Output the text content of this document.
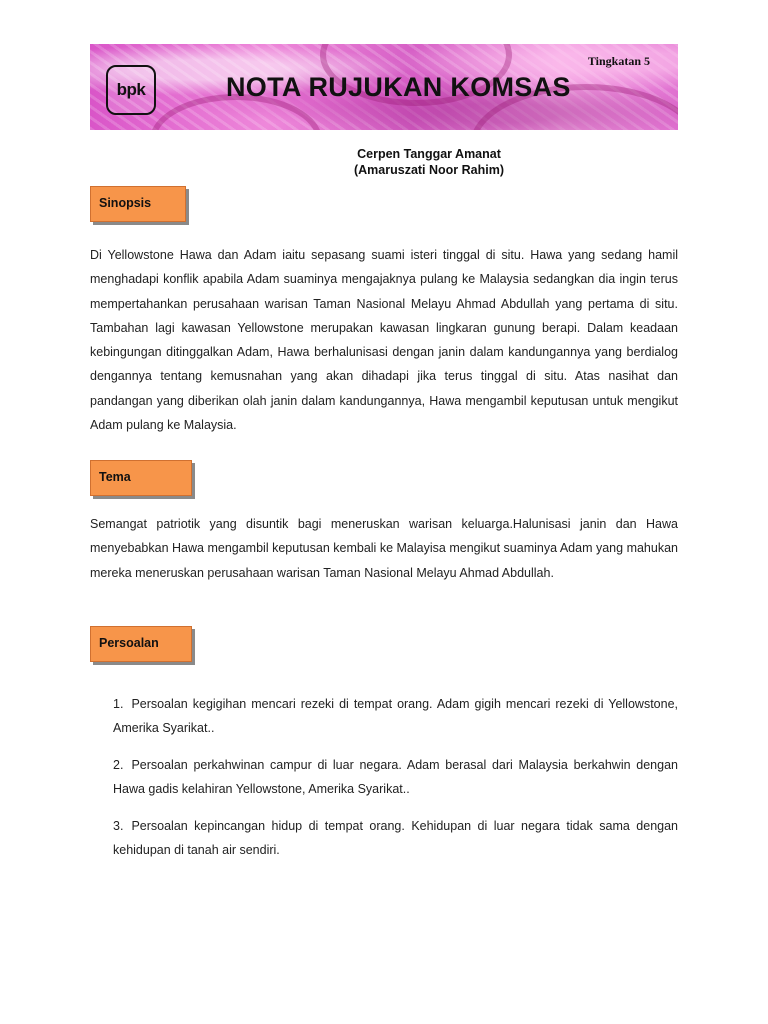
bpk	NOTA RUJUKAN KOMSAS
Tingkatan 5
Cerpen Tanggar Amanat
(Amaruszati Noor Rahim)
Sinopsis
Di Yellowstone Hawa dan Adam iaitu sepasang suami isteri tinggal di situ. Hawa yang sedang hamil menghadapi konflik apabila Adam suaminya mengajaknya pulang ke Malaysia sedangkan dia ingin terus mempertahankan perusahaan warisan Taman Nasional Melayu Ahmad Abdullah yang pertama di situ. Tambahan lagi kawasan Yellowstone merupakan kawasan lingkaran gunung berapi. Dalam keadaan kebingungan ditinggalkan Adam, Hawa berhalunisasi dengan janin dalam kandungannya yang berdialog dengannya tentang kemusnahan yang akan dihadapi jika terus tinggal di situ. Atas nasihat dan pandangan yang diberikan olah janin dalam kandungannya, Hawa mengambil keputusan untuk mengikut Adam pulang ke Malaysia.
Tema
Semangat patriotik yang disuntik bagi meneruskan warisan keluarga.Halunisasi janin dan Hawa menyebabkan Hawa mengambil keputusan kembali ke Malayisa mengikut suaminya Adam yang mahukan mereka meneruskan perusahaan warisan Taman Nasional Melayu Ahmad Abdullah.
Persoalan
1. Persoalan kegigihan mencari rezeki di tempat orang. Adam gigih mencari rezeki di Yellowstone, Amerika Syarikat..
2. Persoalan perkahwinan campur di luar negara. Adam berasal dari Malaysia berkahwin dengan Hawa gadis kelahiran Yellowstone, Amerika Syarikat..
3. Persoalan kepincangan hidup di tempat orang. Kehidupan di luar negara tidak sama dengan kehidupan di tanah air sendiri.
